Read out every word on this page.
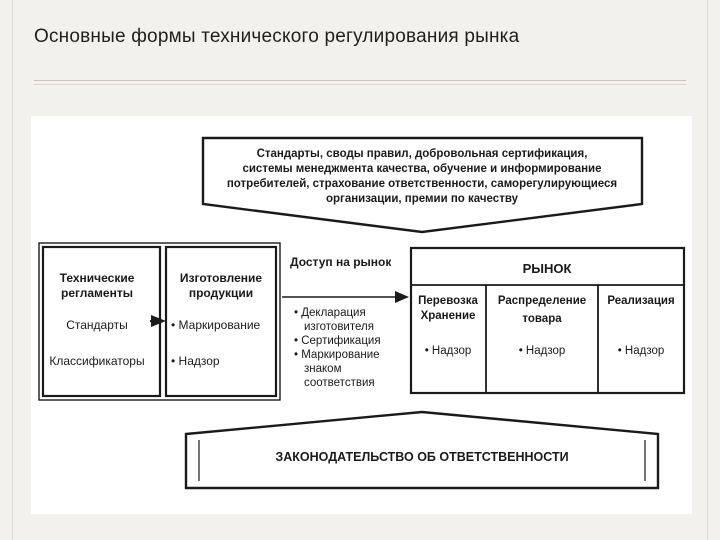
Основные формы технического регулирования рынка
Стандарты, своды правил, добровольная сертификация,
системы менеджмента качества, обучение и информирование
потребителей, страхование ответственности, саморегулирующиеся
организации, премии по качеству
Технические
регламенты
Стандарты
Классификаторы
Изготовление
продукции
• Маркирование
• Надзор
Доступ на рынок
• Декларация
изготовителя
• Сертификация
• Маркирование
знаком
соответствия
РЫНОК
Перевозка
Хранение
• Надзор
Распределение
товара
• Надзор
Реализация
• Надзор
ЗАКОНОДАТЕЛЬСТВО ОБ ОТВЕТСТВЕННОСТИ
